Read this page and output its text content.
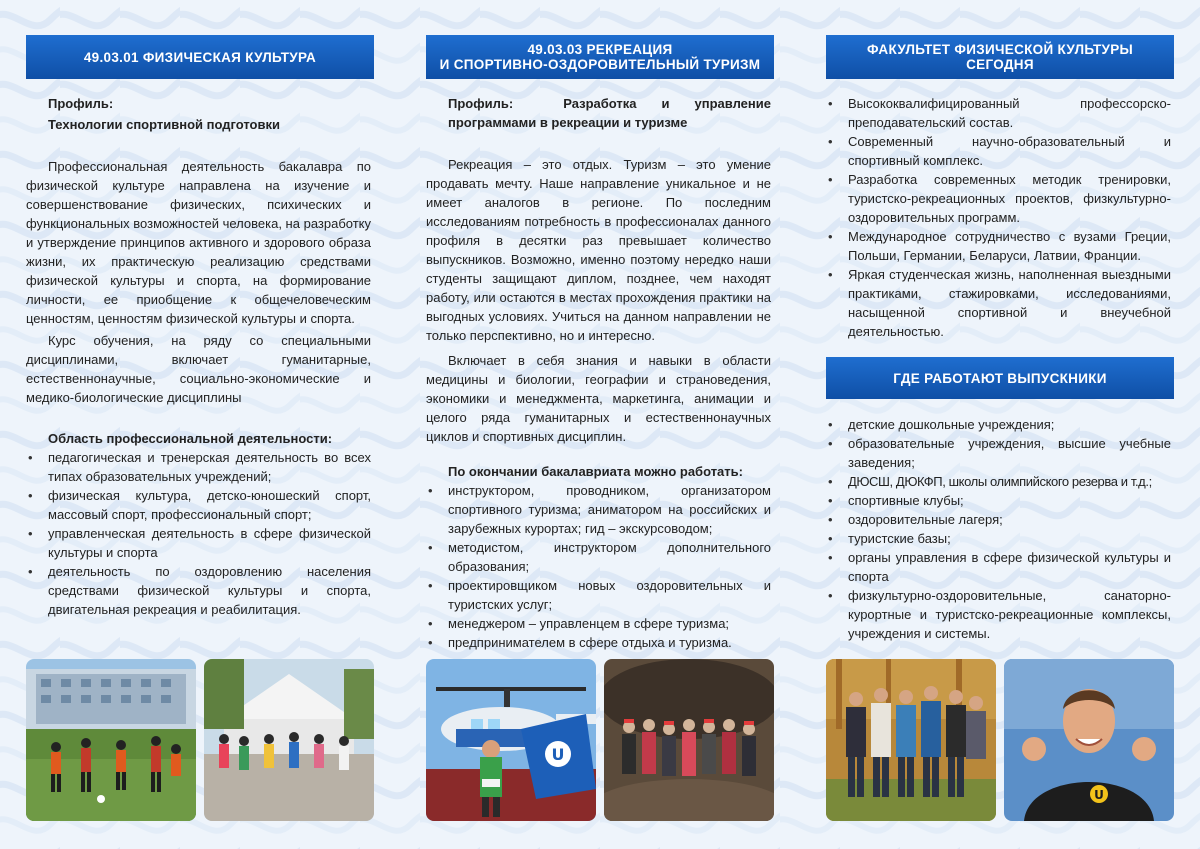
49.03.01 ФИЗИЧЕСКАЯ КУЛЬТУРА

Профиль:

Технологии спортивной подготовки

Профессиональная деятельность бакалавра по физической культуре направлена на изучение и совершенствование физических, психических и функциональных возможностей человека, на разработку и утверждение принципов активного и здорового образа жизни, их практическую реализацию средствами физической культуры и спорта, на формирование личности, ее приобщение к общечеловеческим ценностям, ценностям физической культуры и спорта.

Курс обучения, на ряду со специальными дисциплинами, включает гуманитарные, естественнонаучные, социально-экономические и медико-биологические дисциплины

Область профессиональной деятельности:

• педагогическая и тренерская деятельность во всех типах образовательных учреждений;
• физическая культура, детско-юношеский спорт, массовый спорт, профессиональный спорт;
• управленческая деятельность в сфере физической культуры и спорта
• деятельность по оздоровлению населения средствами физической культуры и спорта, двигательная рекреация и реабилитация.
49.03.03 РЕКРЕАЦИЯ
И СПОРТИВНО-ОЗДОРОВИТЕЛЬНЫЙ ТУРИЗМ

Профиль:	Разработка и управление программами в рекреации и туризме

Рекреация – это отдых. Туризм – это умение продавать мечту. Наше направление уникальное и не имеет аналогов в регионе. По последним исследованиям потребность в профессионалах данного профиля в десятки раз превышает количество выпускников. Возможно, именно поэтому нередко наши студенты защищают диплом, позднее, чем находят работу, или остаются в местах прохождения практики на выгодных условиях. Учиться на данном направлении не только перспективно, но и интересно.

Включает в себя знания и навыки в области медицины и биологии, географии и страноведения, экономики и менеджмента, маркетинга, анимации и целого ряда гуманитарных и естественнонаучных циклов и спортивных дисциплин.

По окончании бакалавриата можно работать:

• инструктором, проводником, организатором спортивного туризма; аниматором на российских и зарубежных курортах; гид – экскурсоводом;
• методистом, инструктором дополнительного образования;
• проектировщиком новых оздоровительных и туристских услуг;
• менеджером – управленцем в сфере туризма;
• предпринимателем в сфере отдыха и туризма.
U
ФАКУЛЬТЕТ ФИЗИЧЕСКОЙ КУЛЬТУРЫ
СЕГОДНЯ
• Высококвалифицированный профессорско-преподавательский состав.
• Современный научно-образовательный и спортивный комплекс.
• Разработка современных методик тренировки, туристско-рекреационных проектов, физкультурно-оздоровительных программ.
• Международное сотрудничество с вузами Греции, Польши, Германии, Беларуси, Латвии, Франции.
• Яркая студенческая жизнь, наполненная выездными практиками, стажировками, исследованиями, насыщенной спортивной и внеучебной деятельностью.
ГДЕ РАБОТАЮТ ВЫПУСКНИКИ
• детские дошкольные учреждения;
• образовательные учреждения, высшие учебные заведения;
• ДЮСШ, ДЮКФП, школы олимпийского резерва и т.д.;
• спортивные клубы;
• оздоровительные лагеря;
• туристские базы;
• органы управления в сфере физической культуры и спорта
• физкультурно-оздоровительные, санаторно-курортные и туристско-рекреационные комплексы, учреждения и системы.
U
